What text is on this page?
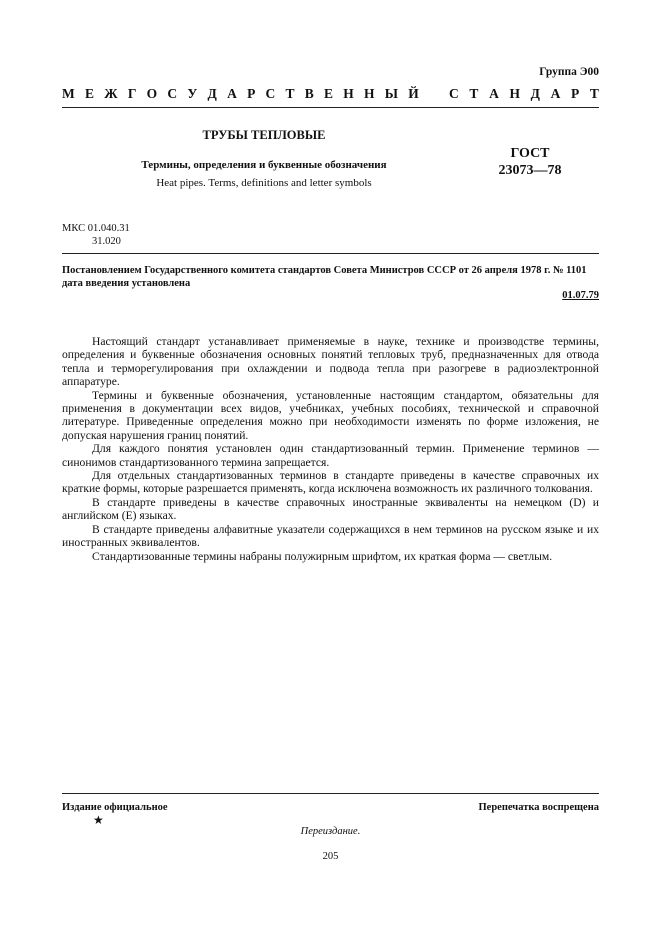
Группа Э00
М Е Ж Г О С У Д А Р С Т В Е Н Н Ы Й С Т А Н Д А Р Т
ТРУБЫ ТЕПЛОВЫЕ
Термины, определения и буквенные обозначения
Heat pipes. Terms, definitions and letter symbols
ГОСТ
23073—78
МКС 01.040.31
31.020
Постановлением Государственного комитета стандартов Совета Министров СССР от 26 апреля 1978 г. № 1101 дата введения установлена
01.07.79

Настоящий стандарт устанавливает применяемые в науке, технике и производстве термины, определения и буквенные обозначения основных понятий тепловых труб, предназначенных для отвода тепла и терморегулирования при охлаждении и подвода тепла при разогреве в радиоэлектронной аппаратуре.

Термины и буквенные обозначения, установленные настоящим стандартом, обязательны для применения в документации всех видов, учебниках, учебных пособиях, технической и справочной литературе. Приведенные определения можно при необходимости изменять по форме изложения, не допуская нарушения границ понятий.

Для каждого понятия установлен один стандартизованный термин. Применение терминов — синонимов стандартизованного термина запрещается.

Для отдельных стандартизованных терминов в стандарте приведены в качестве справочных их краткие формы, которые разрешается применять, когда исключена возможность их различного толкования.

В стандарте приведены в качестве справочных иностранные эквиваленты на немецком (D) и английском (E) языках.

В стандарте приведены алфавитные указатели содержащихся в нем терминов на русском языке и их иностранных эквивалентов.

Стандартизованные термины набраны полужирным шрифтом, их краткая форма — светлым.

Издание официальное	Перепечатка воспрещена
★
Переиздание.
205
